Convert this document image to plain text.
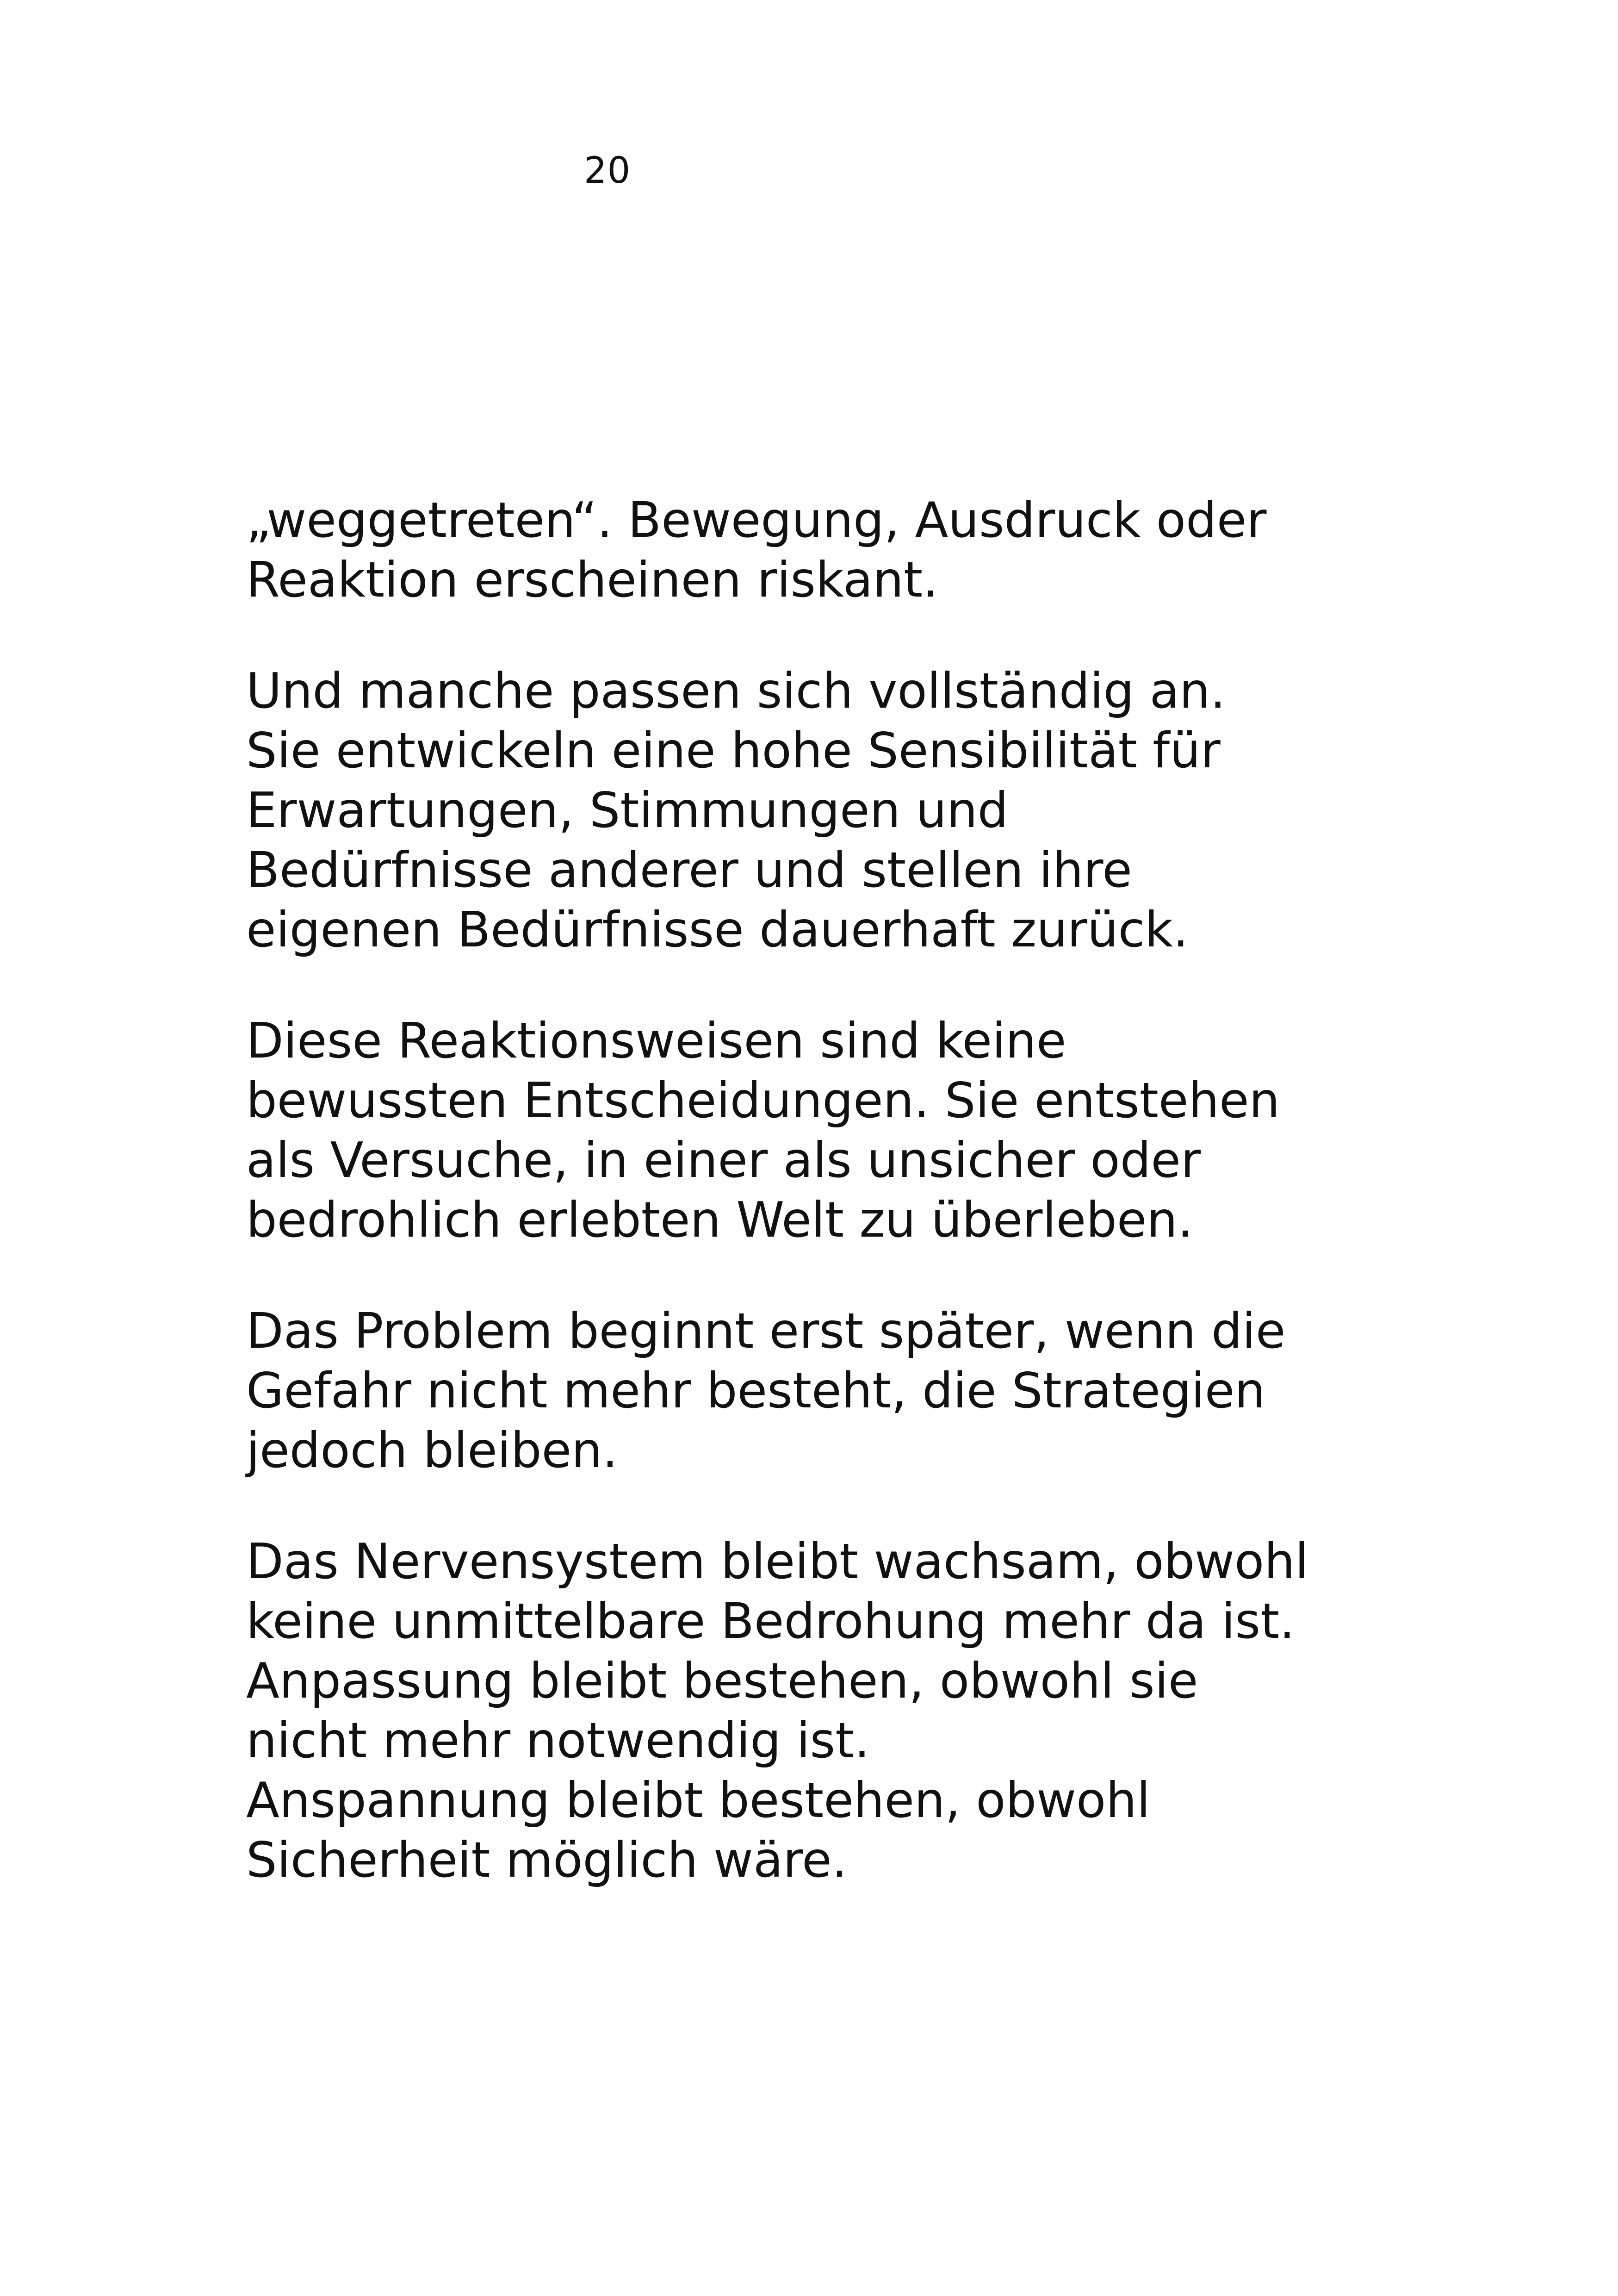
20

„weggetreten“. Bewegung, Ausdruck oder
Reaktion erscheinen riskant.

Und manche passen sich vollständig an.
Sie entwickeln eine hohe Sensibilität für
Erwartungen, Stimmungen und
Bedürfnisse anderer und stellen ihre
eigenen Bedürfnisse dauerhaft zurück.

Diese Reaktionsweisen sind keine
bewussten Entscheidungen. Sie entstehen
als Versuche, in einer als unsicher oder
bedrohlich erlebten Welt zu überleben.

Das Problem beginnt erst später, wenn die
Gefahr nicht mehr besteht, die Strategien
jedoch bleiben.

Das Nervensystem bleibt wachsam, obwohl
keine unmittelbare Bedrohung mehr da ist.
Anpassung bleibt bestehen, obwohl sie
nicht mehr notwendig ist.
Anspannung bleibt bestehen, obwohl
Sicherheit möglich wäre.
